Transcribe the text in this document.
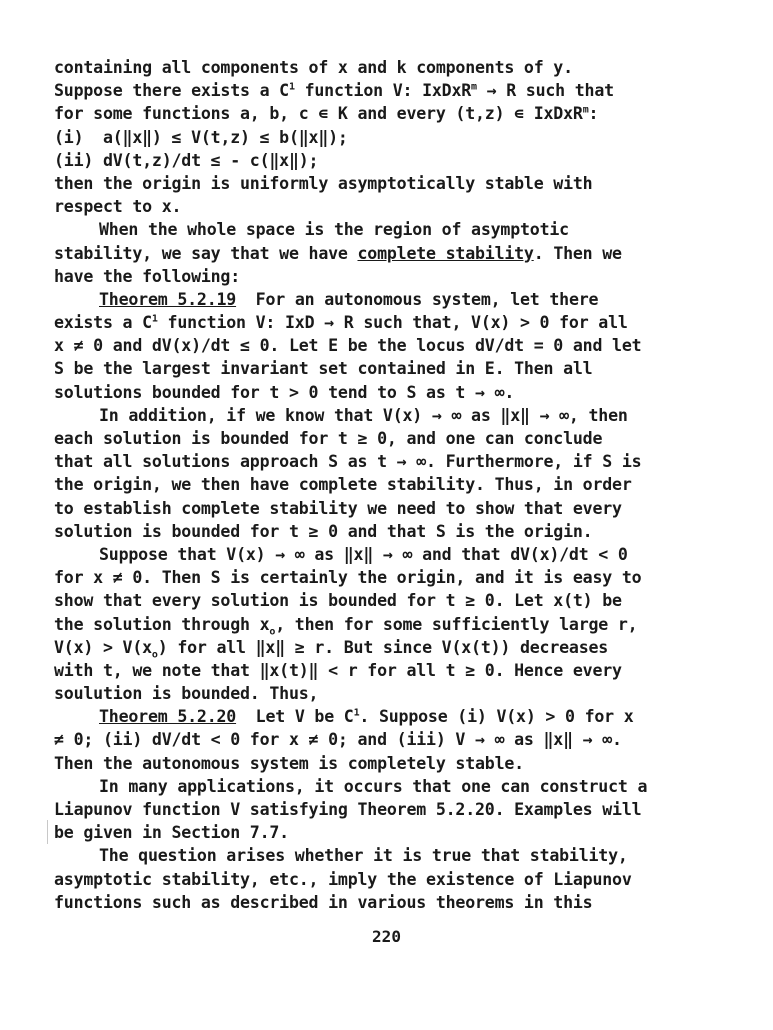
containing all components of x and k components of y.
Suppose there exists a $C^1$ function V: IxDxR$^m$ → R such that
for some functions a, b, c ∊ K and every (t,z) ∊ IxDxR$^m$:
(i)  a(‖x‖) ≤ V(t,z) ≤ b(‖x‖);
(ii) dV(t,z)/dt ≤ - c(‖x‖);
then the origin is uniformly asymptotically stable with
respect to x.
When the whole space is the region of asymptotic
stability, we say that we have complete stability. Then we
have the following:
Theorem 5.2.19  For an autonomous system, let there
exists a $C^1$ function V: IxD → R such that, V(x) > 0 for all
x ≠ 0 and dV(x)/dt ≤ 0. Let E be the locus dV/dt = 0 and let
S be the largest invariant set contained in E. Then all
solutions bounded for t > 0 tend to S as t → ∞.
In addition, if we know that V(x) → ∞ as ‖x‖ → ∞, then
each solution is bounded for t ≥ 0, and one can conclude
that all solutions approach S as t → ∞. Furthermore, if S is
the origin, we then have complete stability. Thus, in order
to establish complete stability we need to show that every
solution is bounded for t ≥ 0 and that S is the origin.
Suppose that V(x) → ∞ as ‖x‖ → ∞ and that dV(x)/dt < 0
for x ≠ 0. Then S is certainly the origin, and it is easy to
show that every solution is bounded for t ≥ 0. Let x(t) be
the solution through $x_o$, then for some sufficiently large r,
$V(x) > V(x_o)$ for all ‖x‖ ≥ r. But since V(x(t)) decreases
with t, we note that ‖x(t)‖ < r for all t ≥ 0. Hence every
soulution is bounded. Thus,
Theorem 5.2.20  Let V be $C^1$. Suppose (i) V(x) > 0 for x
≠ 0; (ii) dV/dt < 0 for x ≠ 0; and (iii) V → ∞ as ‖x‖ → ∞.
Then the autonomous system is completely stable.
In many applications, it occurs that one can construct a
Liapunov function V satisfying Theorem 5.2.20. Examples will
be given in Section 7.7.
The question arises whether it is true that stability,
asymptotic stability, etc., imply the existence of Liapunov
functions such as described in various theorems in this
220
